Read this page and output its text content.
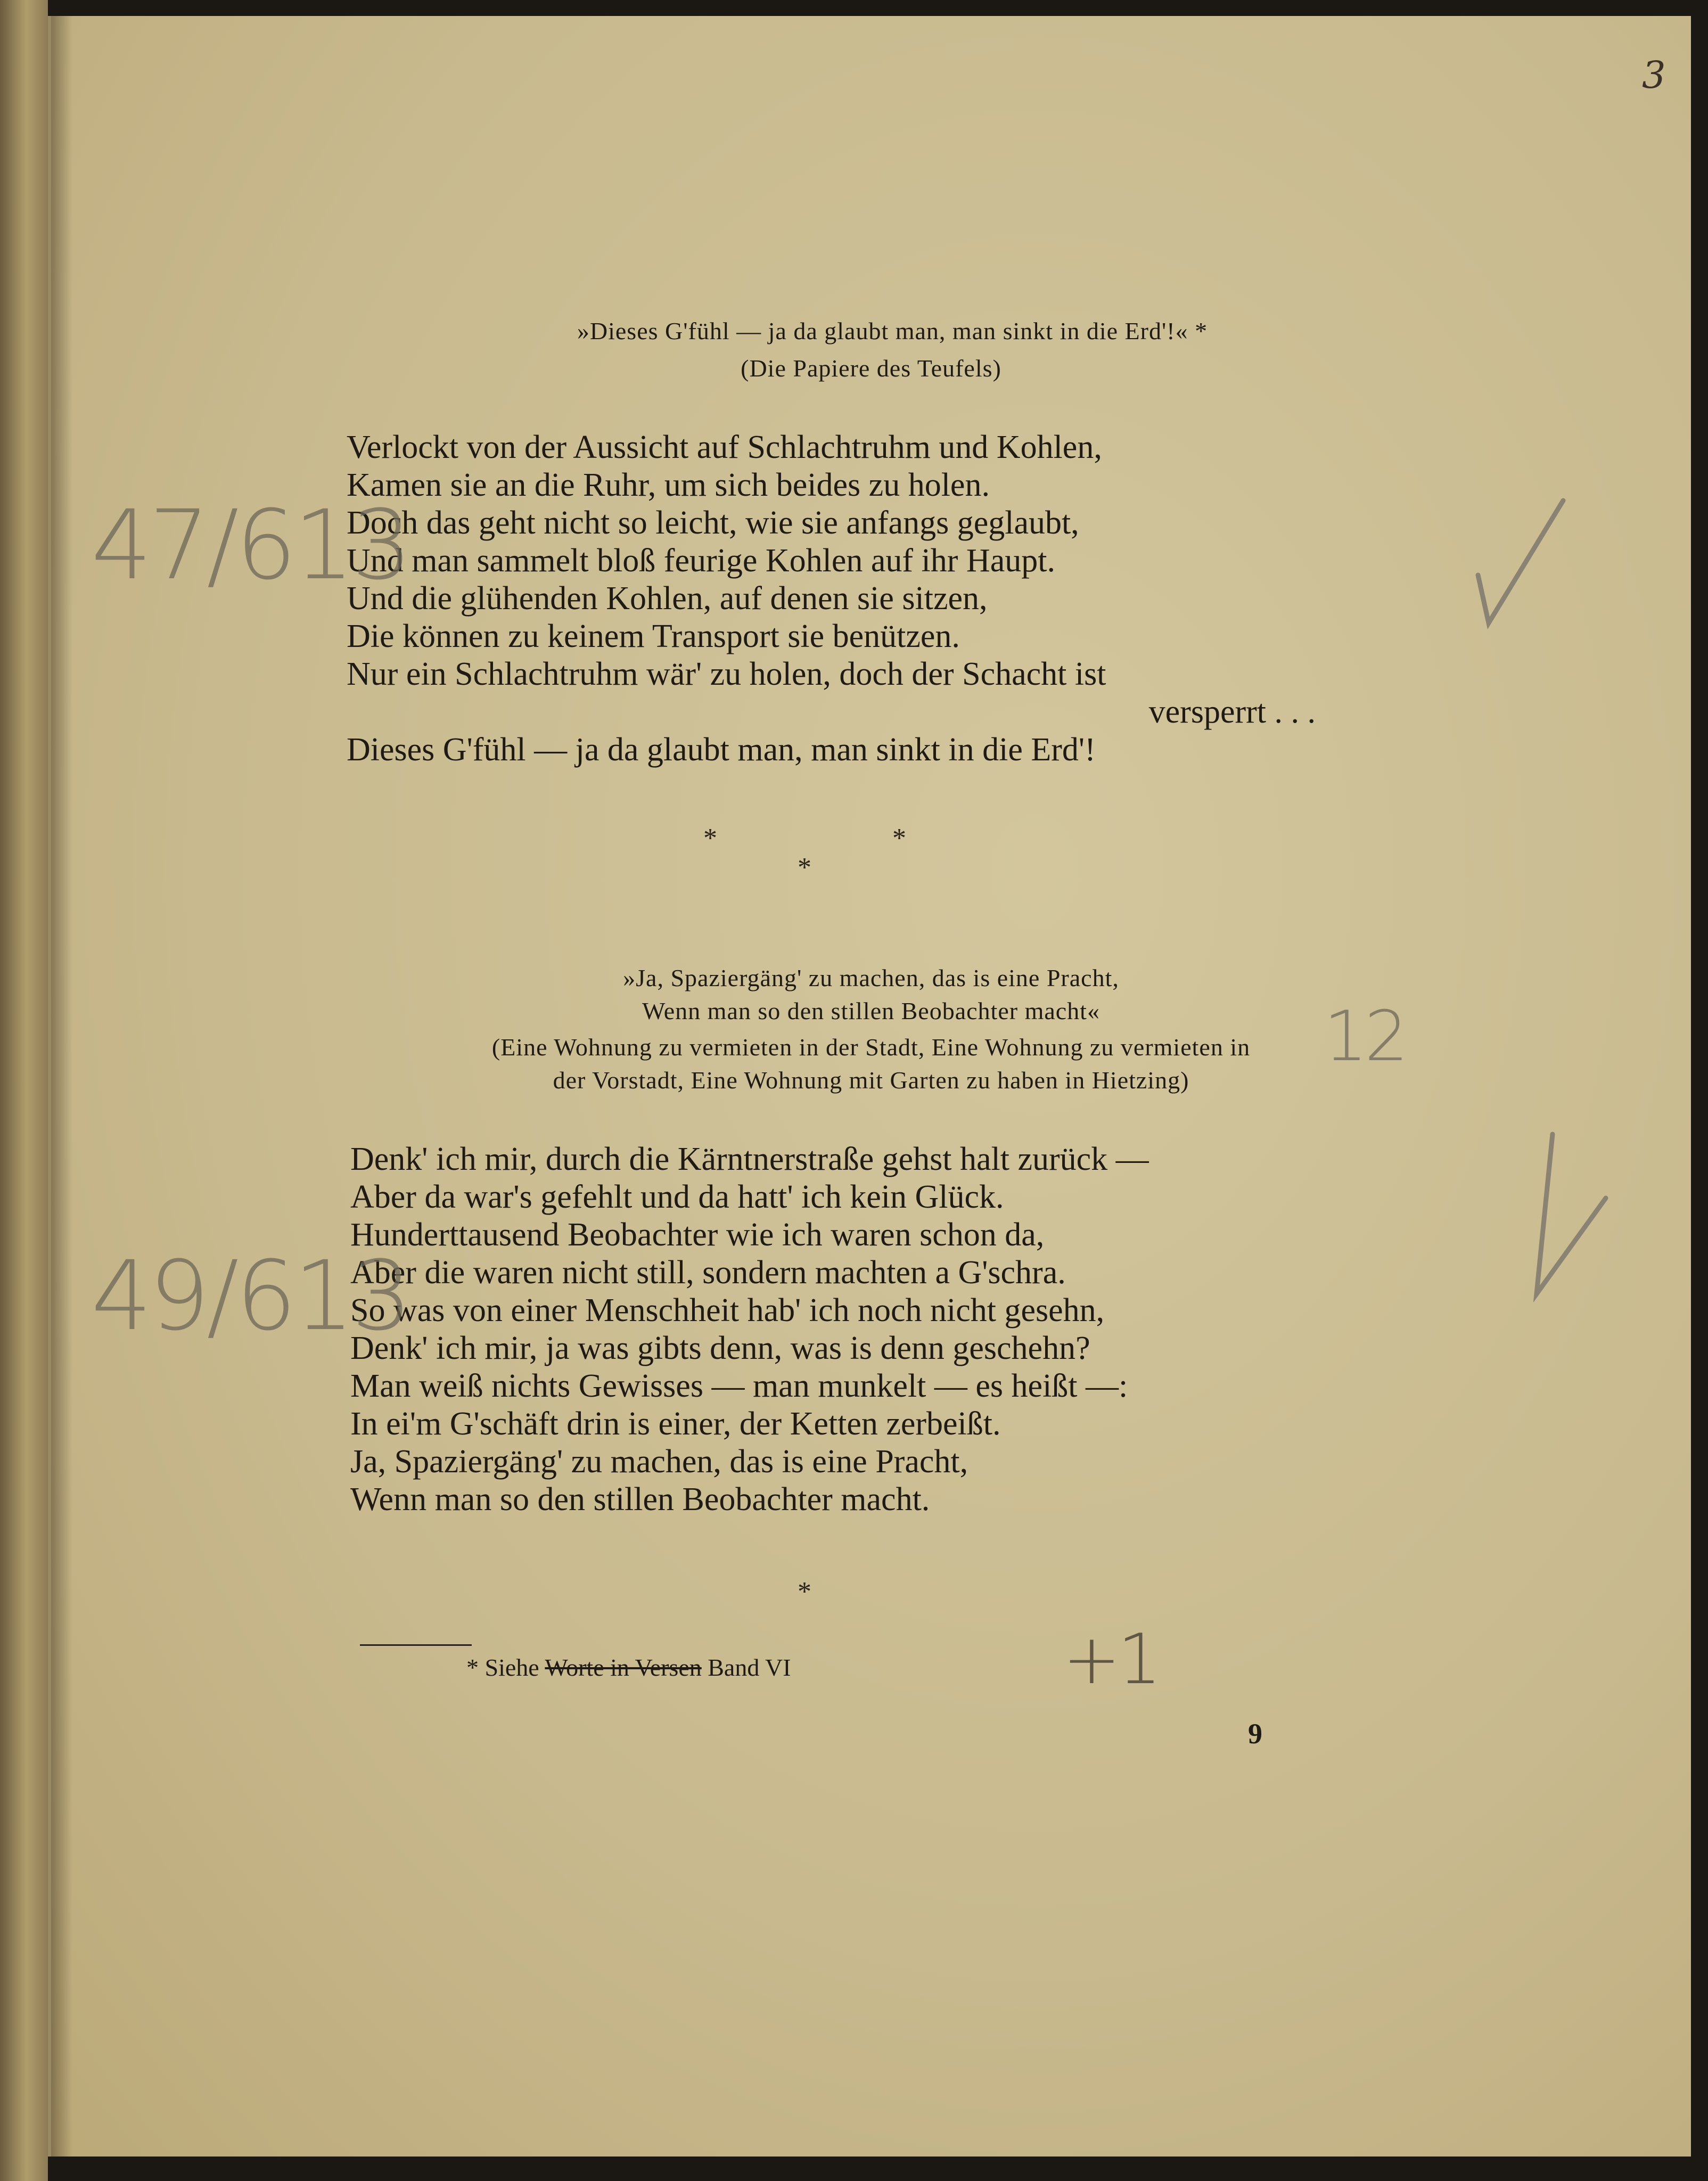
3
»Dieses G'fühl — ja da glaubt man, man sinkt in die Erd'!« *
(Die Papiere des Teufels)
Verlockt von der Aussicht auf Schlachtruhm und Kohlen,
Kamen sie an die Ruhr, um sich beides zu holen.
Doch das geht nicht so leicht, wie sie anfangs geglaubt,
Und man sammelt bloß feurige Kohlen auf ihr Haupt.
Und die glühenden Kohlen, auf denen sie sitzen,
Die können zu keinem Transport sie benützen.
Nur ein Schlachtruhm wär' zu holen, doch der Schacht ist
versperrt . . .
Dieses G'fühl — ja da glaubt man, man sinkt in die Erd'!
*	*
*
»Ja, Spaziergäng' zu machen, das is eine Pracht,
Wenn man so den stillen Beobachter macht«
(Eine Wohnung zu vermieten in der Stadt, Eine Wohnung zu vermieten in
der Vorstadt, Eine Wohnung mit Garten zu haben in Hietzing)
Denk' ich mir, durch die Kärntnerstraße gehst halt zurück —
Aber da war's gefehlt und da hatt' ich kein Glück.
Hunderttausend Beobachter wie ich waren schon da,
Aber die waren nicht still, sondern machten a G'schra.
So was von einer Menschheit hab' ich noch nicht gesehn,
Denk' ich mir, ja was gibts denn, was is denn geschehn?
Man weiß nichts Gewisses — man munkelt — es heißt —:
In ei'm G'schäft drin is einer, der Ketten zerbeißt.
Ja, Spaziergäng' zu machen, das is eine Pracht,
Wenn man so den stillen Beobachter macht.
*
47/613
49/613
12
+1
* Siehe Worte in Versen Band VI
9
